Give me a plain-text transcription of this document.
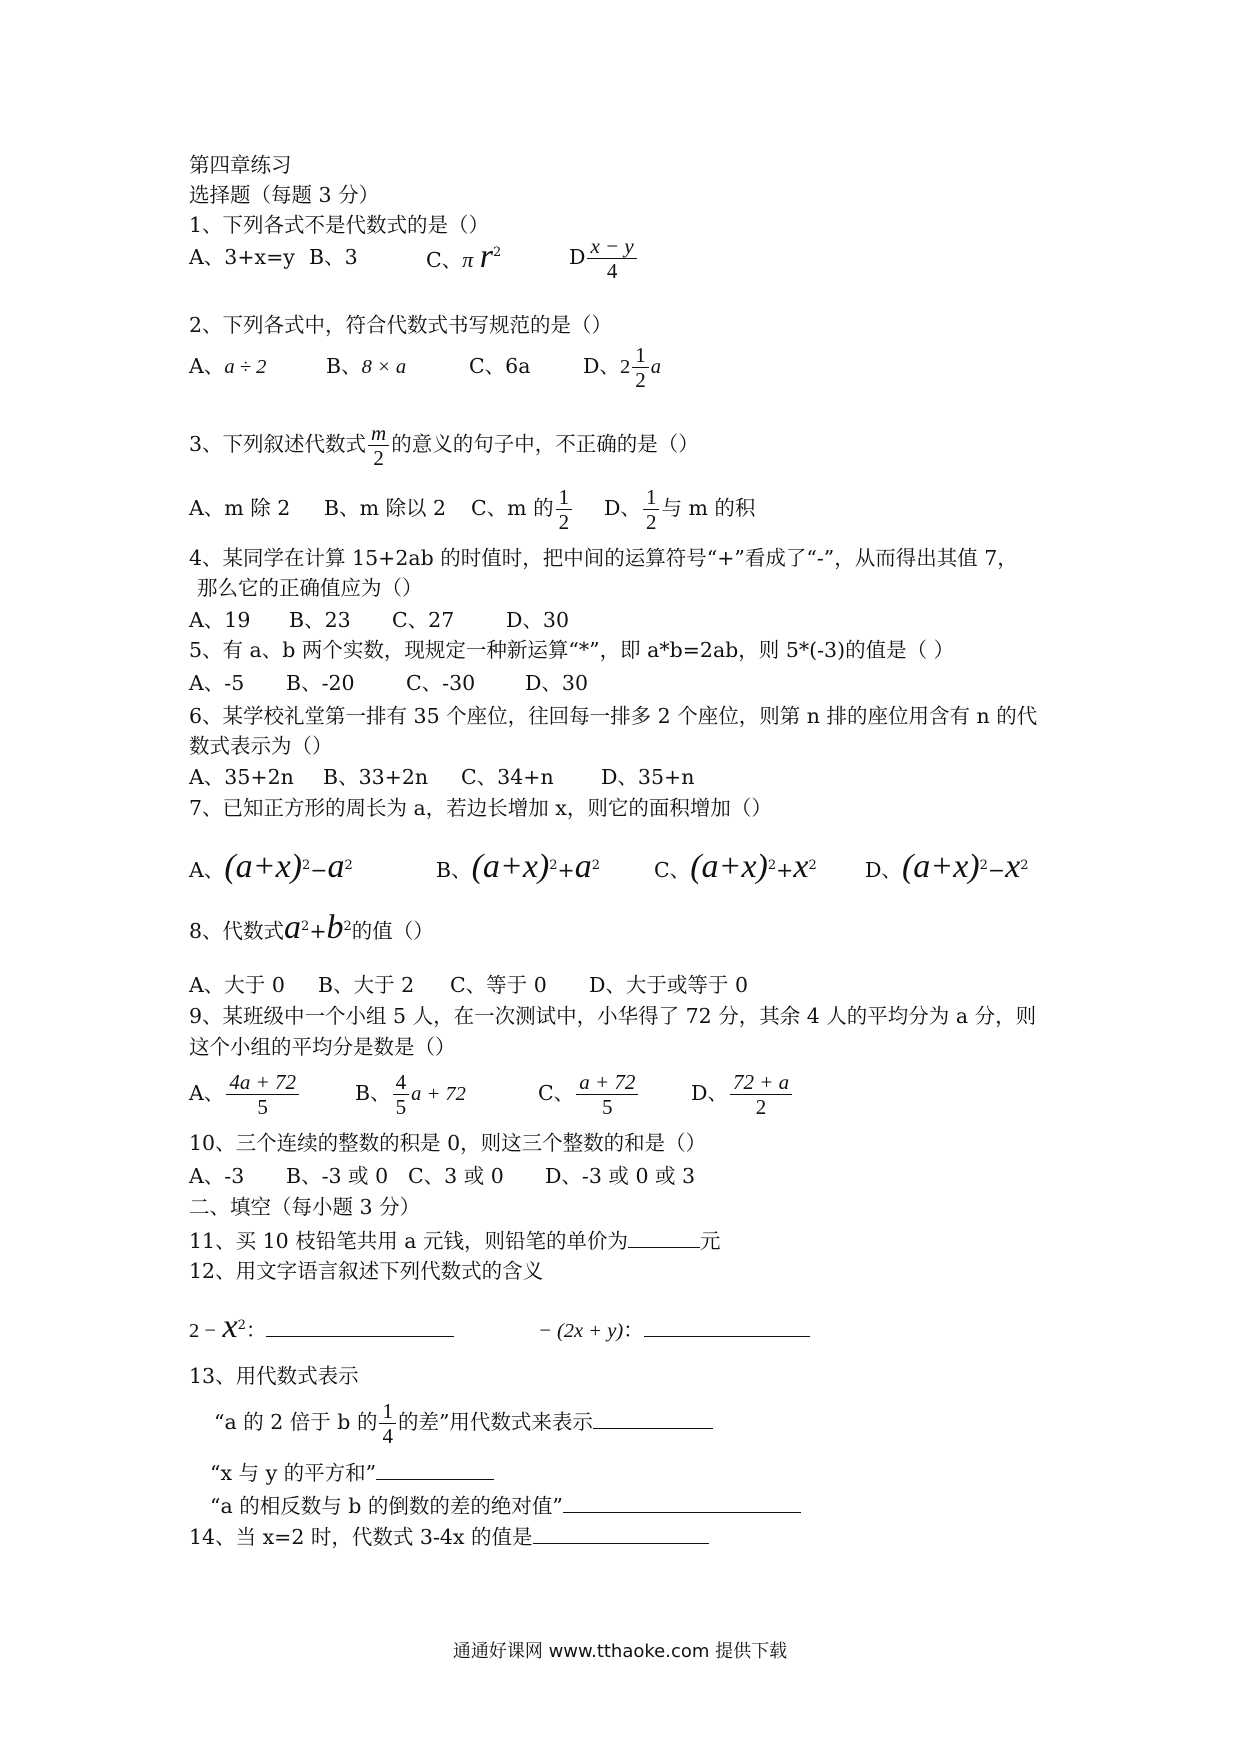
第四章练习
选择题（每题 3 分）
1、下列各式不是代数式的是（）
A、3+x=y B、3	C、π $r^2$	D $\frac{x - y}{4}$
2、下列各式中，符合代数式书写规范的是（）
A、a ÷ 2	B、8 × a	C、6a	D、 $2 \frac{1}{2}$ a
3、下列叙述代数式 $\frac{m}{2}$ 的意义的句子中，不正确的是（）
A、m 除 2 B、m 除以 2 C、m 的 $\frac{1}{2}$ D、 $\frac{1}{2}$ 与 m 的积
4、某同学在计算 15+2ab 的时值时，把中间的运算符号“+”看成了“-”，从而得出其值 7，
那么它的正确值应为（）
A、19 B、23 C、27	D、30
5、有 a、b 两个实数，现规定一种新运算“*”，即 a*b=2ab，则 5*(-3)的值是（ ）
A、-5 B、-20	C、-30 D、30
6、某学校礼堂第一排有 35 个座位，往回每一排多 2 个座位，则第 n 排的座位用含有 n 的代
数式表示为（）
A、35+2n B、33+2n C、34+n D、35+n
7、已知正方形的周长为 a，若边长增加 x，则它的面积增加（）
A、$(a+x)^2-a^2$	B、$(a+x)^2+a^2$	C、$(a+x)^2+x^2$ D、$(a+x)^2-x^2$
8、代数式$a^2+b^2$的值（）
A、大于 0 B、大于 2 C、等于 0 D、大于或等于 0
9、某班级中一个小组 5 人，在一次测试中，小华得了 72 分，其余 4 人的平均分为 a 分，则
这个小组的平均分是数是（）
A、 $\frac{4a + 72}{5}$	B、 $\frac{4}{5}$ a + 72	C、 $\frac{a + 72}{5}$	D、 $\frac{72 + a}{2}$
10、三个连续的整数的积是 0，则这三个整数的和是（）
A、-3 B、-3 或 0 C、3 或 0 D、-3 或 0 或 3
二、填空（每小题 3 分）
11、买 10 枝铅笔共用 a 元钱，则铅笔的单价为	元
12、用文字语言叙述下列代数式的含义
$2 - x^2$：	− (2x + y)：
13、用代数式表示
“a 的 2 倍于 b 的 $\frac{1}{4}$ 的差”用代数式来表示
“x 与 y 的平方和”
“a 的相反数与 b 的倒数的差的绝对值”
14、当 x=2 时，代数式 3-4x 的值是
通通好课网 www.tthaoke.com 提供下载
